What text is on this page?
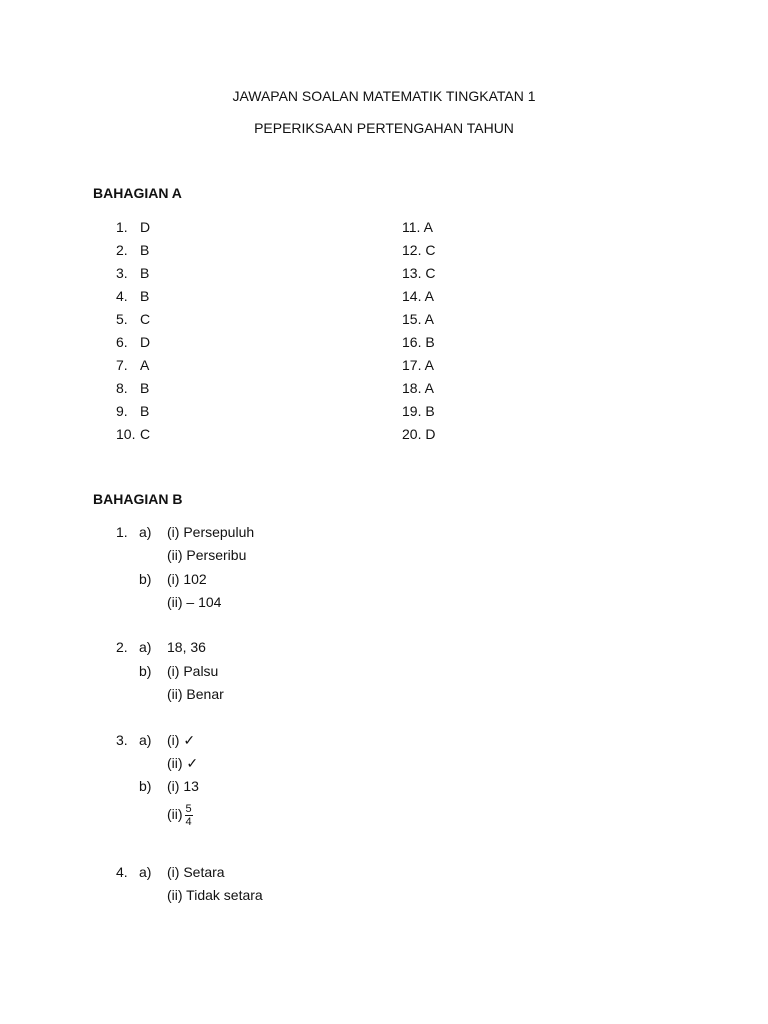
JAWAPAN SOALAN MATEMATIK TINGKATAN 1
PEPERIKSAAN PERTENGAHAN TAHUN
BAHAGIAN A
1. D
2. B
3. B
4. B
5. C
6. D
7. A
8. B
9. B
10. C
11. A
12. C
13. C
14. A
15. A
16. B
17. A
18. A
19. B
20. D
BAHAGIAN B
1. a) (i) Persepuluh
(ii) Perseribu
b) (i) 102
(ii) – 104
2. a) 18, 36
b) (i) Palsu
(ii) Benar
3. a) (i) ✓
(ii) ✓
b) (i) 13
$(ii) \frac{5}{4}$
4. a) (i) Setara
(ii) Tidak setara
